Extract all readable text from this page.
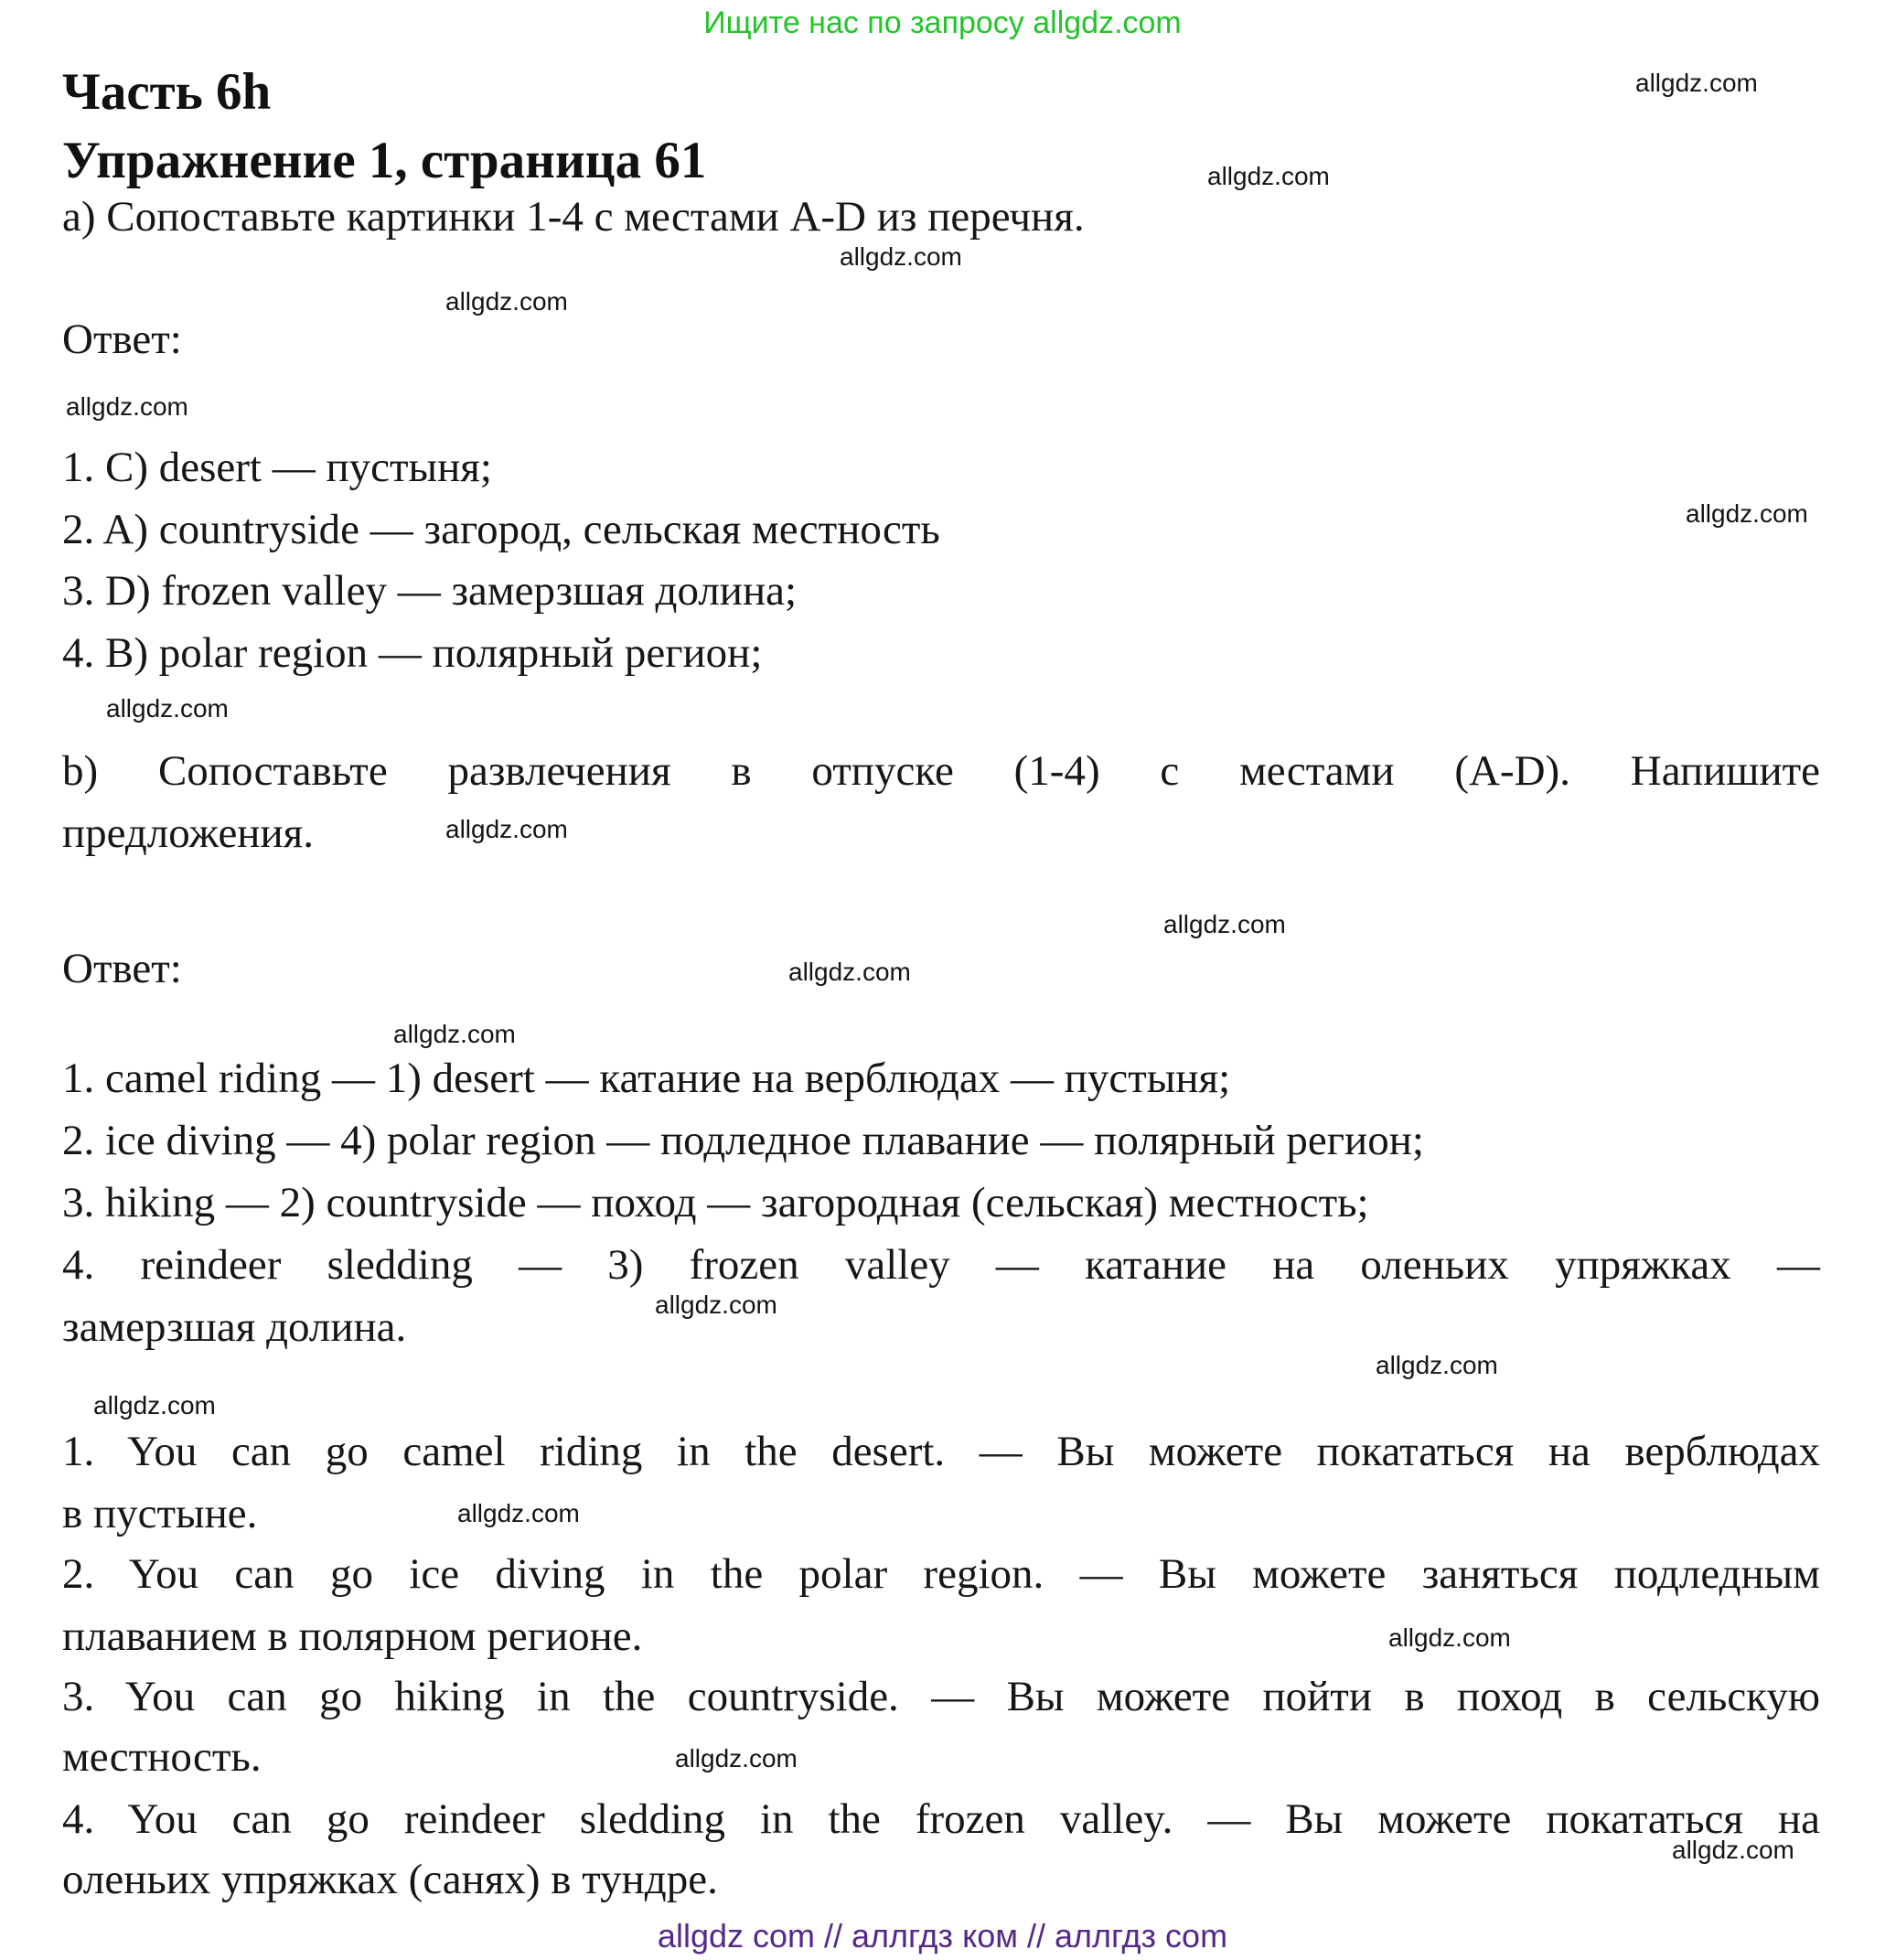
Ищите нас по запросу allgdz.com
allgdz.com
Часть 6h
Упражнение 1, страница 61	allgdz.com
а) Сопоставьте картинки 1-4 с местами A-D из перечня.
allgdz.com
allgdz.com
Ответ:
allgdz.com
1. C) desert — пустыня;
2. A) countryside — загород, сельская местность
3. D) frozen valley — замерзшая долина;
4. B) polar region — полярный регион;
allgdz.com
allgdz.com
b) Сопоставьте развлечения в отпуске (1-4) с местами (A-D). Напишите
предложения.	allgdz.com
allgdz.com
Ответ:	allgdz.com
allgdz.com
1. camel riding — 1) desert — катание на верблюдах — пустыня;
2. ice diving — 4) polar region — подледное плавание — полярный регион;
3. hiking — 2) countryside — поход — загородная (сельская) местность;
4. reindeer sledding — 3) frozen valley — катание на оленьих упряжках —
замерзшая долина.	allgdz.com
allgdz.com
allgdz.com
1. You can go camel riding in the desert. — Вы можете покататься на верблюдах
в пустыне.	allgdz.com
2. You can go ice diving in the polar region. — Вы можете заняться подледным
плаванием в полярном регионе.	allgdz.com
3. You can go hiking in the countryside. — Вы можете пойти в поход в сельскую
местность.	allgdz.com
4. You can go reindeer sledding in the frozen valley. — Вы можете покататься на
оленьих упряжках (санях) в тундре.
allgdz.com
allgdz com // аллгдз ком // аллгдз com
